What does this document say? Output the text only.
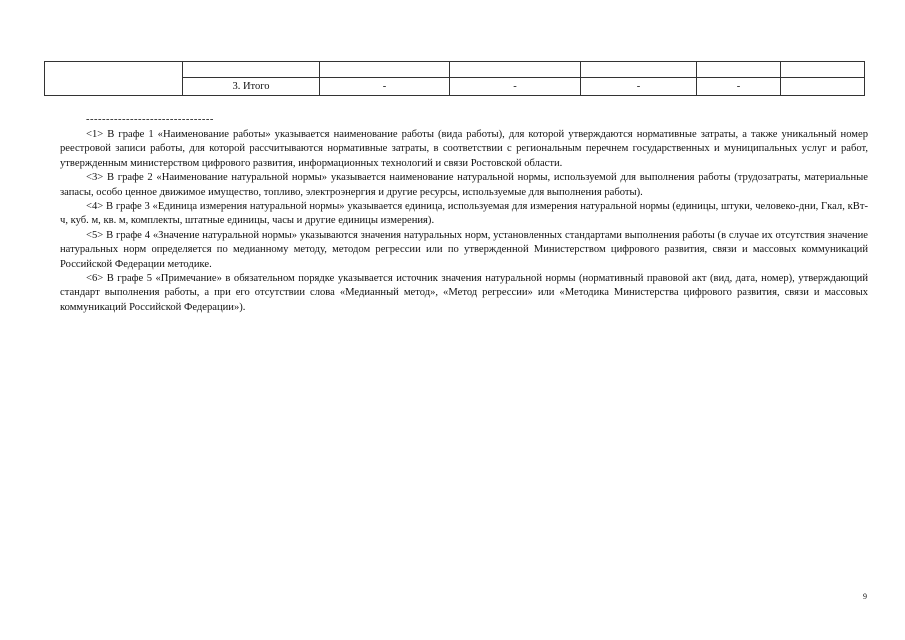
	3. Итого	-	-	-	-	
--------------------------------

<1> В графе 1 «Наименование работы» указывается наименование работы (вида работы), для которой утверждаются нормативные затраты, а также уникальный номер реестровой записи работы, для которой рассчитываются нормативные затраты, в соответствии с региональным перечнем государственных и муниципальных услуг и работ, утвержденным министерством цифрового развития, информационных технологий и связи Ростовской области.

<3> В графе 2 «Наименование натуральной нормы» указывается наименование натуральной нормы, используемой для выполнения работы (трудозатраты, материальные запасы, особо ценное движимое имущество, топливо, электроэнергия и другие ресурсы, используемые для выполнения работы).

<4> В графе 3 «Единица измерения натуральной нормы» указывается единица, используемая для измерения натуральной нормы (единицы, штуки, человеко-дни, Гкал, кВт-ч, куб. м, кв. м, комплекты, штатные единицы, часы и другие единицы измерения).

<5> В графе 4 «Значение натуральной нормы» указываются значения натуральных норм, установленных стандартами выполнения работы (в случае их отсутствия значение натуральных норм определяется по медианному методу, методом регрессии или по утвержденной Министерством цифрового развития, связи и массовых коммуникаций Российской Федерации методике.

<6> В графе 5 «Примечание» в обязательном порядке указывается источник значения натуральной нормы (нормативный правовой акт (вид, дата, номер), утверждающий стандарт выполнения работы, а при его отсутствии слова «Медианный метод», «Метод регрессии» или «Методика Министерства цифрового развития, связи и массовых коммуникаций Российской Федерации»).

9
